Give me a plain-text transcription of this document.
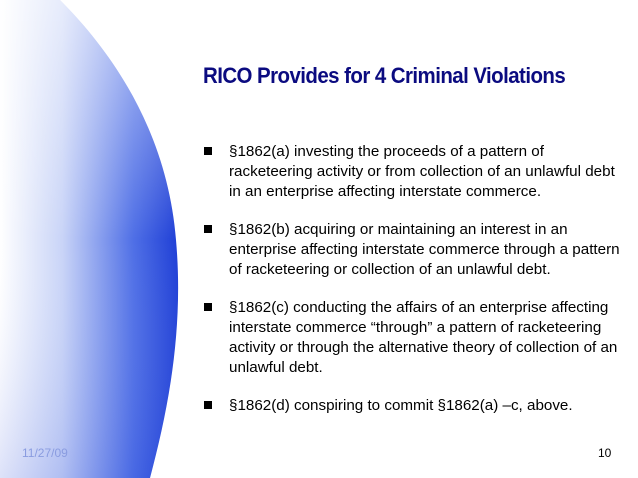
RICO Provides for 4 Criminal Violations
§1862(a) investing the proceeds of a pattern of racketeering activity or from collection of an unlawful debt in an enterprise affecting interstate commerce.
§1862(b) acquiring or maintaining an interest in an enterprise affecting interstate commerce through a pattern of racketeering or collection of an unlawful debt.
§1862(c) conducting the affairs of an enterprise affecting interstate commerce “through” a pattern of racketeering activity or through the alternative theory of collection of an unlawful debt.
§1862(d) conspiring to commit §1862(a) –c, above.
11/27/09	10
